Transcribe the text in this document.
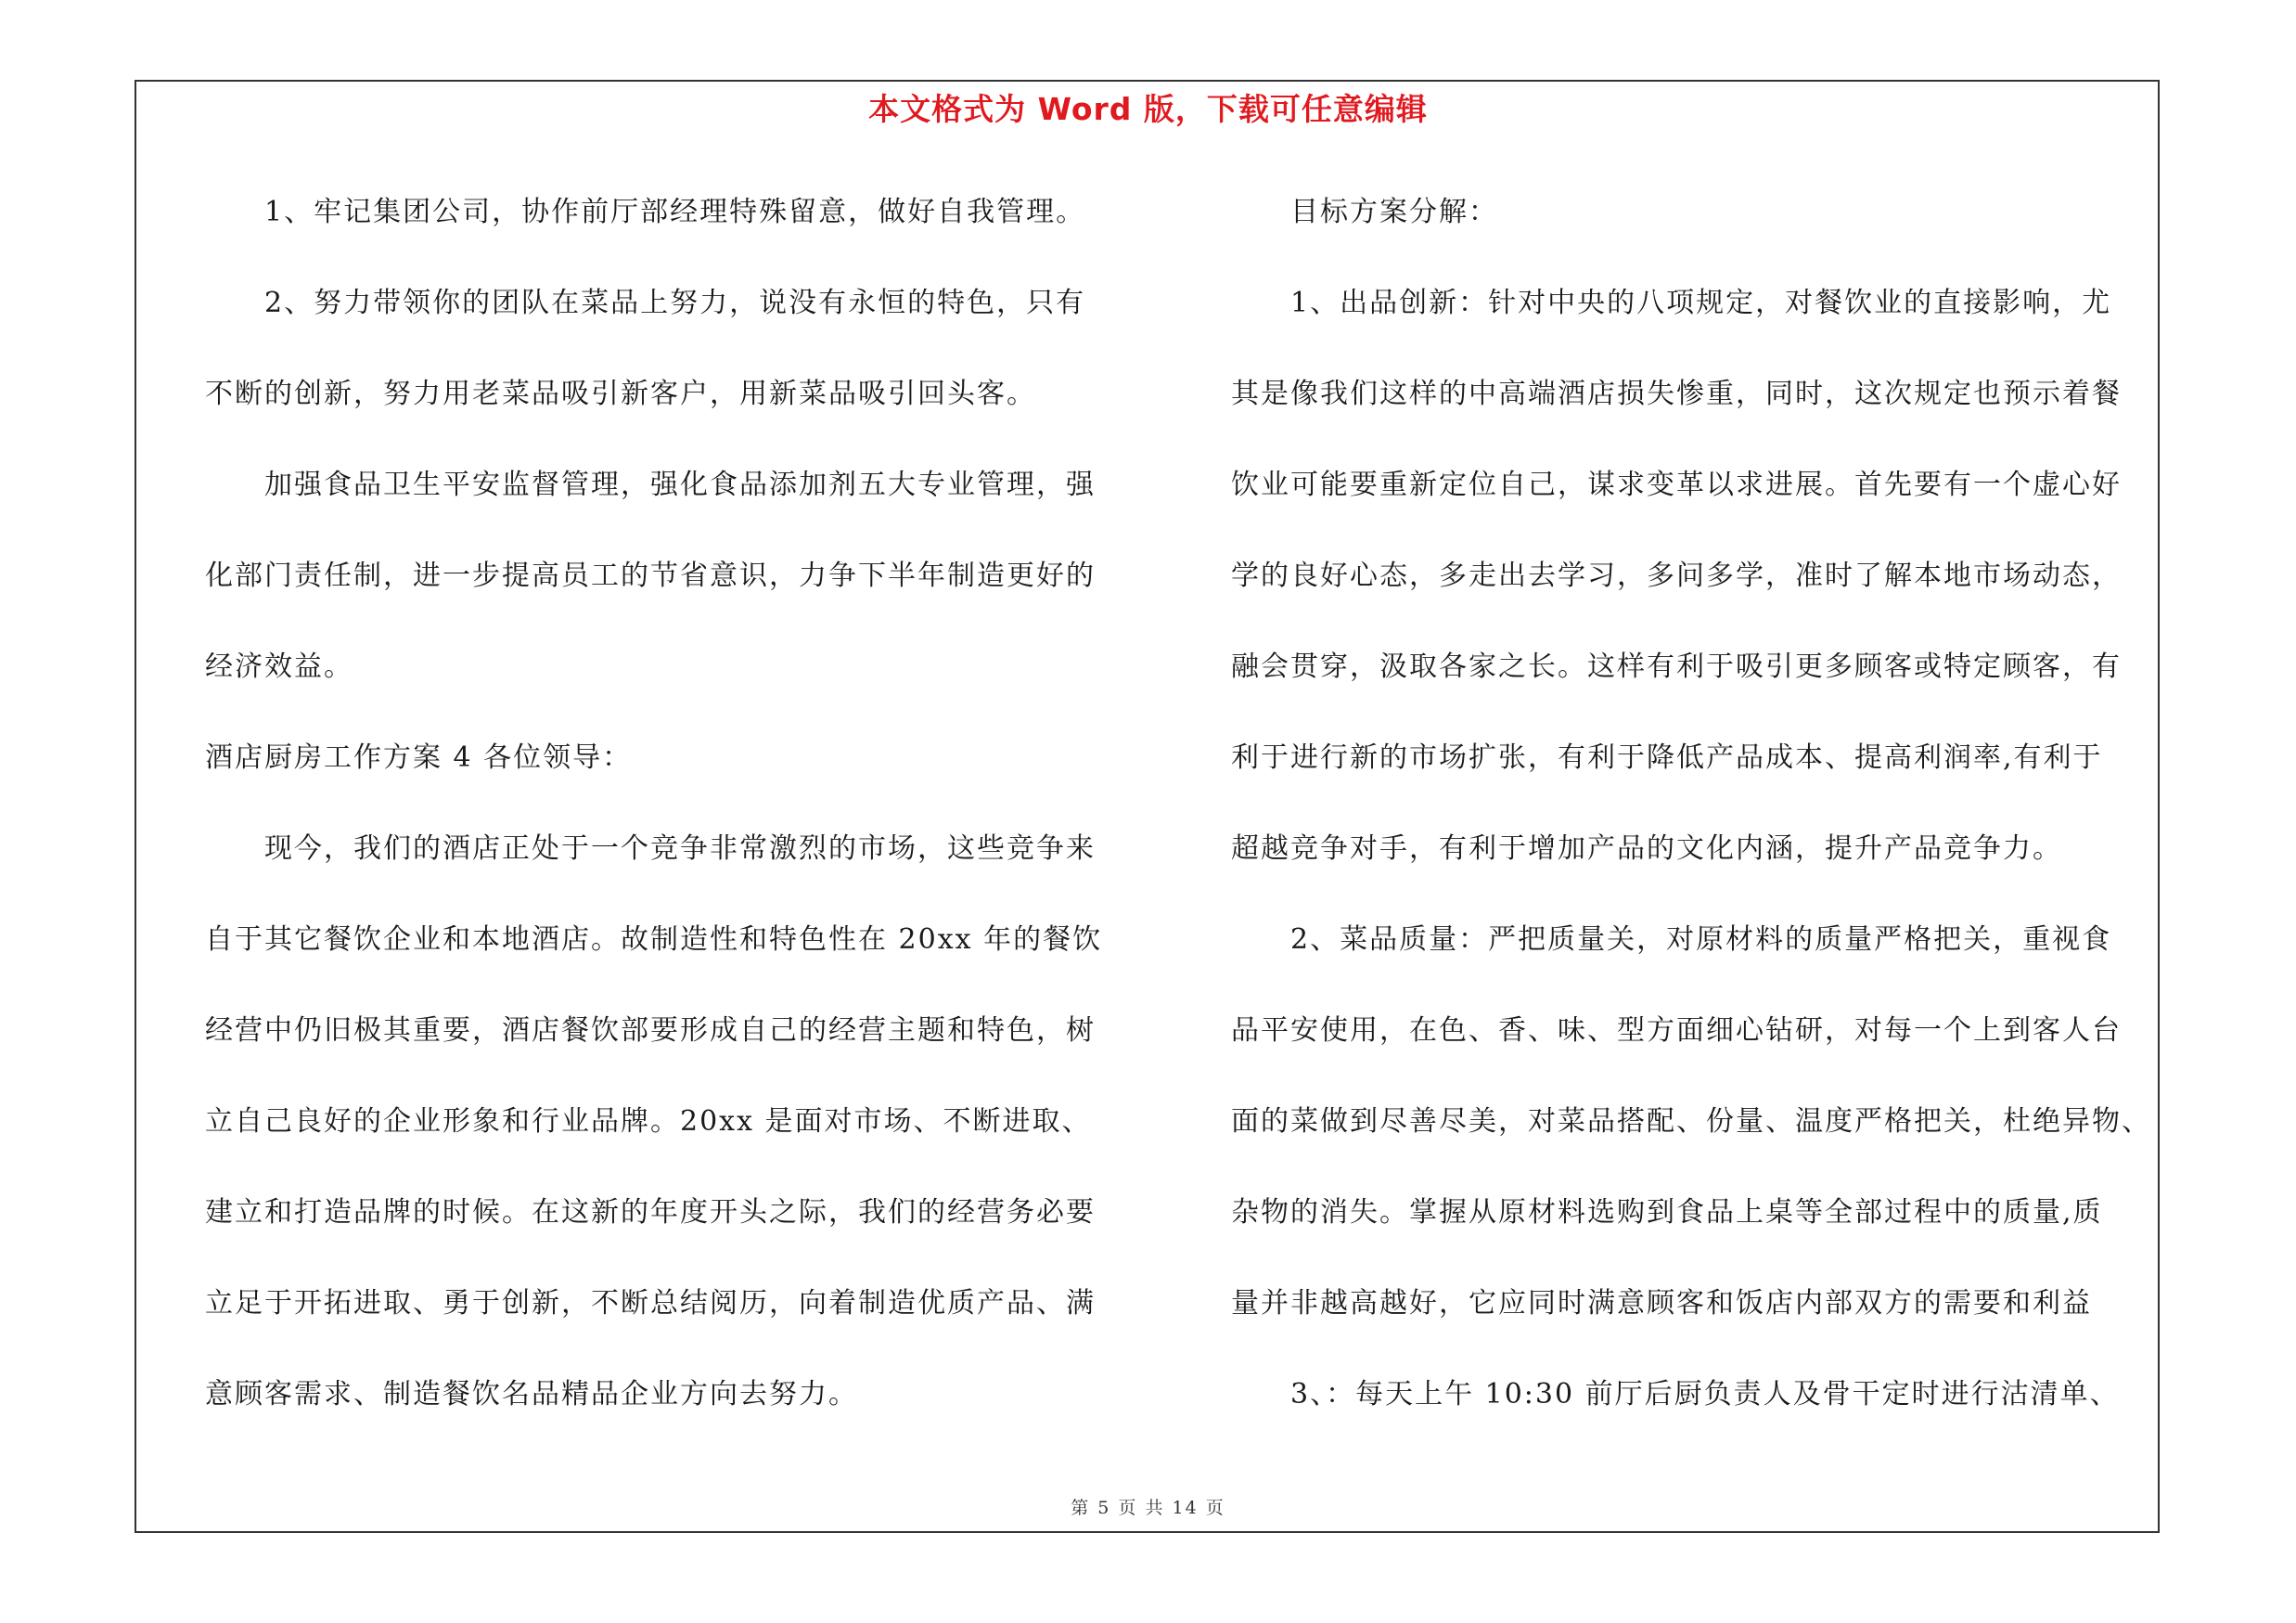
本文格式为 Word 版，下载可任意编辑
1、牢记集团公司，协作前厅部经理特殊留意，做好自我管理。
2、努力带领你的团队在菜品上努力，说没有永恒的特色，只有
不断的创新，努力用老菜品吸引新客户，用新菜品吸引回头客。
加强食品卫生平安监督管理，强化食品添加剂五大专业管理，强
化部门责任制，进一步提高员工的节省意识，力争下半年制造更好的
经济效益。
酒店厨房工作方案 4 各位领导：
现今，我们的酒店正处于一个竞争非常激烈的市场，这些竞争来
自于其它餐饮企业和本地酒店。故制造性和特色性在 20xx 年的餐饮
经营中仍旧极其重要，酒店餐饮部要形成自己的经营主题和特色，树
立自己良好的企业形象和行业品牌。20xx 是面对市场、不断进取、
建立和打造品牌的时候。在这新的年度开头之际，我们的经营务必要
立足于开拓进取、勇于创新，不断总结阅历，向着制造优质产品、满
意顾客需求、制造餐饮名品精品企业方向去努力。
目标方案分解：
1、出品创新：针对中央的八项规定，对餐饮业的直接影响，尤
其是像我们这样的中高端酒店损失惨重，同时，这次规定也预示着餐
饮业可能要重新定位自己，谋求变革以求进展。首先要有一个虚心好
学的良好心态，多走出去学习，多问多学，准时了解本地市场动态，
融会贯穿，汲取各家之长。这样有利于吸引更多顾客或特定顾客，有
利于进行新的市场扩张，有利于降低产品成本、提高利润率,有利于
超越竞争对手，有利于增加产品的文化内涵，提升产品竞争力。
2、菜品质量：严把质量关，对原材料的质量严格把关，重视食
品平安使用，在色、香、味、型方面细心钻研，对每一个上到客人台
面的菜做到尽善尽美，对菜品搭配、份量、温度严格把关，杜绝异物、
杂物的消失。掌握从原材料选购到食品上桌等全部过程中的质量,质
量并非越高越好，它应同时满意顾客和饭店内部双方的需要和利益
3、：每天上午 10:30 前厅后厨负责人及骨干定时进行沽清单、
第 5 页 共 14 页
